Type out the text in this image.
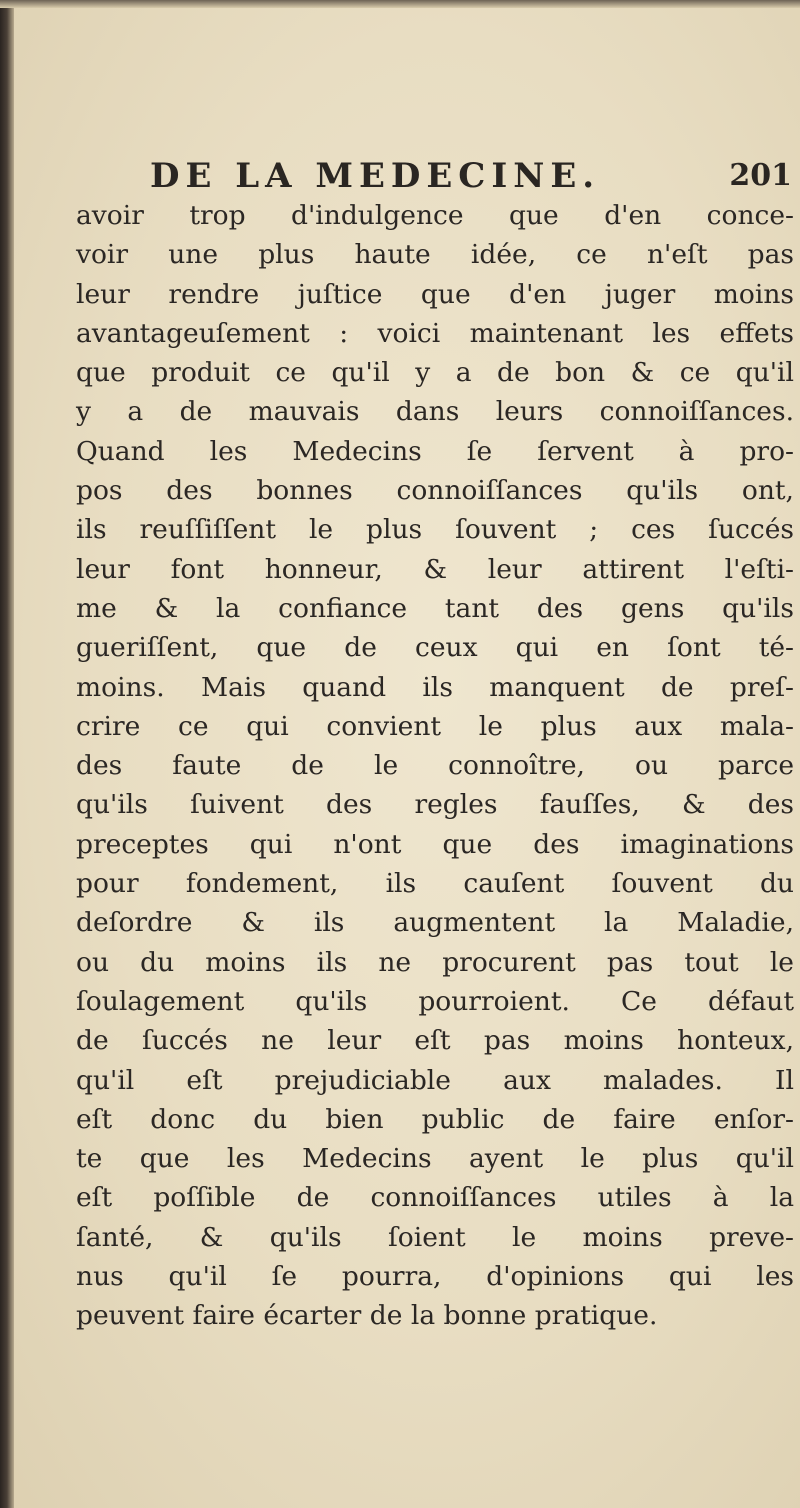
DE LA MEDECINE.	201
avoir trop d'indulgence que d'en conce-
voir une plus haute idée, ce n'eſt pas
leur rendre juſtice que d'en juger moins
avantageuſement : voici maintenant les effets
que produit ce qu'il y a de bon & ce qu'il
y a de mauvais dans leurs connoiſſances.
Quand les Medecins ſe ſervent à pro-
pos des bonnes connoiſſances qu'ils ont,
ils reuſſiſſent le plus ſouvent ; ces ſuccés
leur font honneur, & leur attirent l'eſti-
me & la confiance tant des gens qu'ils
gueriſſent, que de ceux qui en ſont té-
moins. Mais quand ils manquent de preſ-
crire ce qui convient le plus aux mala-
des faute de le connoître, ou parce
qu'ils ſuivent des regles fauſſes, & des
preceptes qui n'ont que des imaginations
pour fondement, ils cauſent ſouvent du
deſordre & ils augmentent la Maladie,
ou du moins ils ne procurent pas tout le
ſoulagement qu'ils pourroient. Ce défaut
de ſuccés ne leur eſt pas moins honteux,
qu'il eſt prejudiciable aux malades. Il
eſt donc du bien public de faire enſor-
te que les Medecins ayent le plus qu'il
eſt poſſible de connoiſſances utiles à la
ſanté, & qu'ils ſoient le moins preve-
nus qu'il ſe pourra, d'opinions qui les
peuvent faire écarter de la bonne pratique.
